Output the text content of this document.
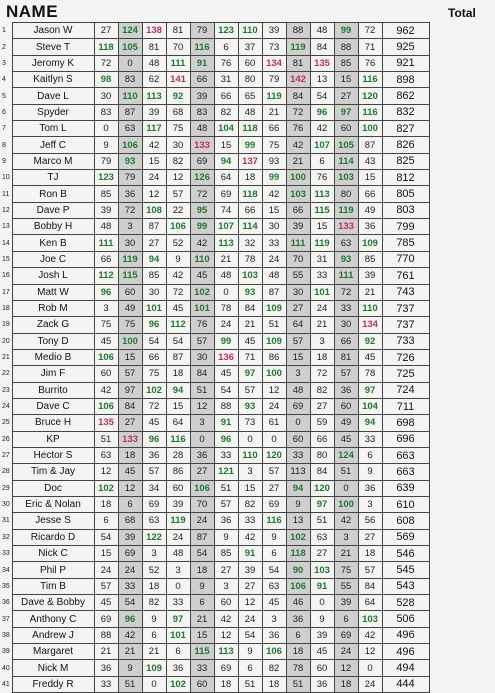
NAME	Total
1	Jason W	27	124	138	81	79	123	110	39	88	48	99	72	962
2	Steve T	118	105	81	70	116	6	37	73	119	84	88	71	925
3	Jeromy K	72	0	48	111	91	76	60	134	81	135	85	76	921
4	Kaitlyn S	98	83	62	141	66	31	80	79	142	13	15	116	898
5	Dave L	30	110	113	92	39	66	65	119	84	54	27	120	862
6	Spyder	83	87	39	68	83	82	48	21	72	96	97	116	832
7	Tom L	0	63	117	75	48	104	118	66	76	42	60	100	827
8	Jeff C	9	106	42	30	133	15	99	75	42	107	105	87	826
9	Marco M	79	93	15	82	69	94	137	93	21	6	114	43	825
10	TJ	123	79	24	12	126	64	18	99	100	76	103	15	812
11	Ron B	85	36	12	57	72	69	118	42	103	113	80	66	805
12	Dave P	39	72	108	22	95	74	66	15	66	115	119	49	803
13	Bobby H	48	3	87	106	99	107	114	30	39	15	133	36	799
14	Ken B	111	30	27	52	42	113	32	33	111	119	63	109	785
15	Joe C	66	119	94	9	110	21	78	24	70	31	93	85	770
16	Josh L	112	115	85	42	45	48	103	48	55	33	111	39	761
17	Matt W	96	60	30	72	102	0	93	87	30	101	72	21	743
18	Rob M	3	49	101	45	101	78	84	109	27	24	33	110	737
19	Zack G	75	75	96	112	76	24	21	51	64	21	30	134	737
20	Tony D	45	100	54	54	57	99	45	109	57	3	66	92	733
21	Medio B	106	15	66	87	30	136	71	86	15	18	81	45	726
22	Jim F	60	57	75	18	84	45	97	100	3	72	57	78	725
23	Burrito	42	97	102	94	51	54	57	12	48	82	36	97	724
24	Dave C	106	84	72	15	12	88	93	24	69	27	60	104	711
25	Bruce H	135	27	45	64	3	91	73	61	0	59	49	94	698
26	KP	51	133	96	116	0	96	0	0	60	66	45	33	696
27	Hector S	63	18	36	28	36	33	110	120	33	80	124	6	663
28	Tim & Jay	12	45	57	86	27	121	3	57	113	84	51	9	663
29	Doc	102	12	34	60	106	51	15	27	94	120	0	36	639
30	Eric & Nolan	18	6	69	39	70	57	82	69	9	97	100	3	610
31	Jesse S	6	68	63	119	24	36	33	116	13	51	42	56	608
32	Ricardo D	54	39	122	24	87	9	42	9	102	63	3	27	569
33	Nick C	15	69	3	48	54	85	91	6	118	27	21	18	546
34	Phil P	24	24	52	3	18	27	39	54	90	103	75	57	545
35	Tim B	57	33	18	0	9	3	27	63	106	91	55	84	543
36	Dave & Bobby	45	54	82	33	6	60	12	45	46	0	39	64	528
37	Anthony C	69	96	9	97	21	42	24	3	36	9	6	103	506
38	Andrew J	88	42	6	101	15	12	54	36	6	39	69	42	496
39	Margaret	21	21	21	6	115	113	9	106	18	45	24	12	496
40	Nick M	36	9	109	36	33	69	6	82	78	60	12	0	494
41	Freddy R	33	51	0	102	60	18	51	18	51	36	18	24	444
